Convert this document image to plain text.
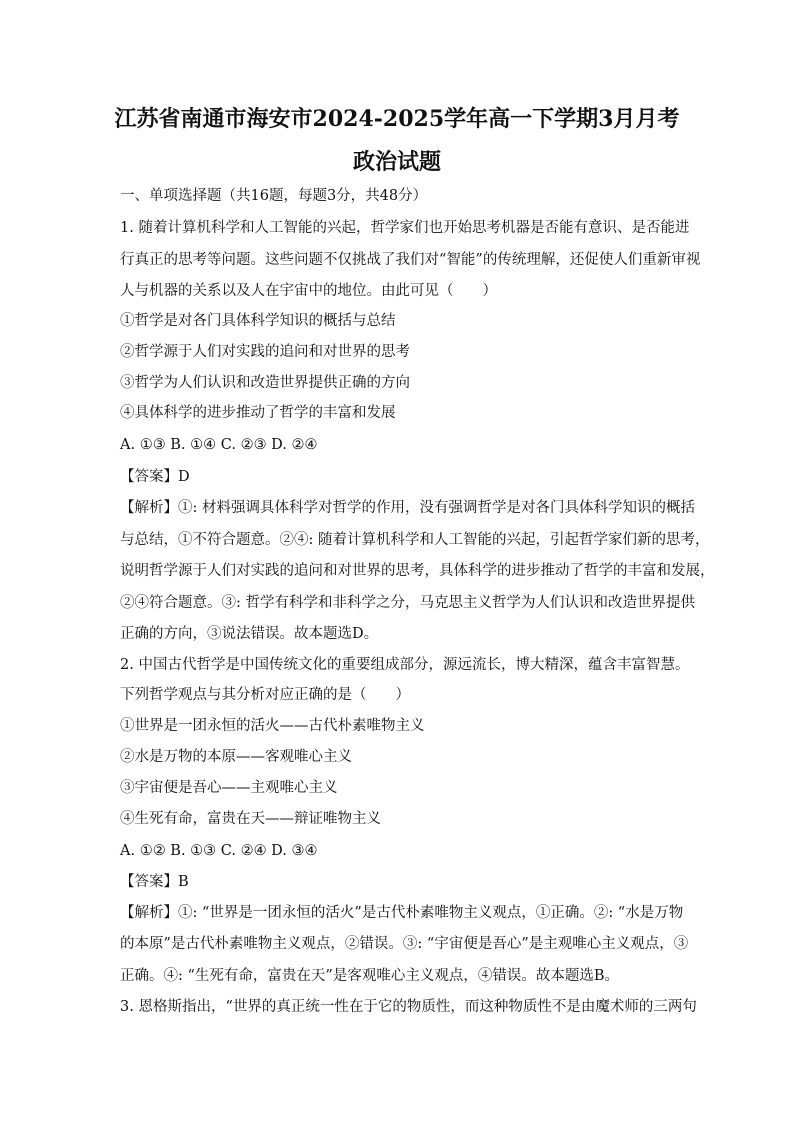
江苏省南通市海安市2024-2025学年高一下学期3月月考
政治试题
一、单项选择题（共16题，每题3分，共48分）
1. 随着计算机科学和人工智能的兴起，哲学家们也开始思考机器是否能有意识、是否能进
行真正的思考等问题。这些问题不仅挑战了我们对“智能”的传统理解，还促使人们重新审视
人与机器的关系以及人在宇宙中的地位。由此可见（　　）
①哲学是对各门具体科学知识的概括与总结
②哲学源于人们对实践的追问和对世界的思考
③哲学为人们认识和改造世界提供正确的方向
④具体科学的进步推动了哲学的丰富和发展
A. ①③ B. ①④ C. ②③ D. ②④
【答案】D
【解析】①: 材料强调具体科学对哲学的作用，没有强调哲学是对各门具体科学知识的概括
与总结，①不符合题意。②④: 随着计算机科学和人工智能的兴起，引起哲学家们新的思考，
说明哲学源于人们对实践的追问和对世界的思考，具体科学的进步推动了哲学的丰富和发展，
②④符合题意。③: 哲学有科学和非科学之分，马克思主义哲学为人们认识和改造世界提供
正确的方向，③说法错误。故本题选D。
2. 中国古代哲学是中国传统文化的重要组成部分，源远流长，博大精深，蕴含丰富智慧。
下列哲学观点与其分析对应正确的是（　　）
①世界是一团永恒的活火——古代朴素唯物主义
②水是万物的本原——客观唯心主义
③宇宙便是吾心——主观唯心主义
④生死有命，富贵在天——辩证唯物主义
A. ①② B. ①③ C. ②④ D. ③④
【答案】B
【解析】①: “世界是一团永恒的活火”是古代朴素唯物主义观点，①正确。②: “水是万物
的本原”是古代朴素唯物主义观点，②错误。③: “宇宙便是吾心”是主观唯心主义观点，③
正确。④: “生死有命，富贵在天”是客观唯心主义观点，④错误。故本题选B。
3. 恩格斯指出，“世界的真正统一性在于它的物质性，而这种物质性不是由魔术师的三两句
